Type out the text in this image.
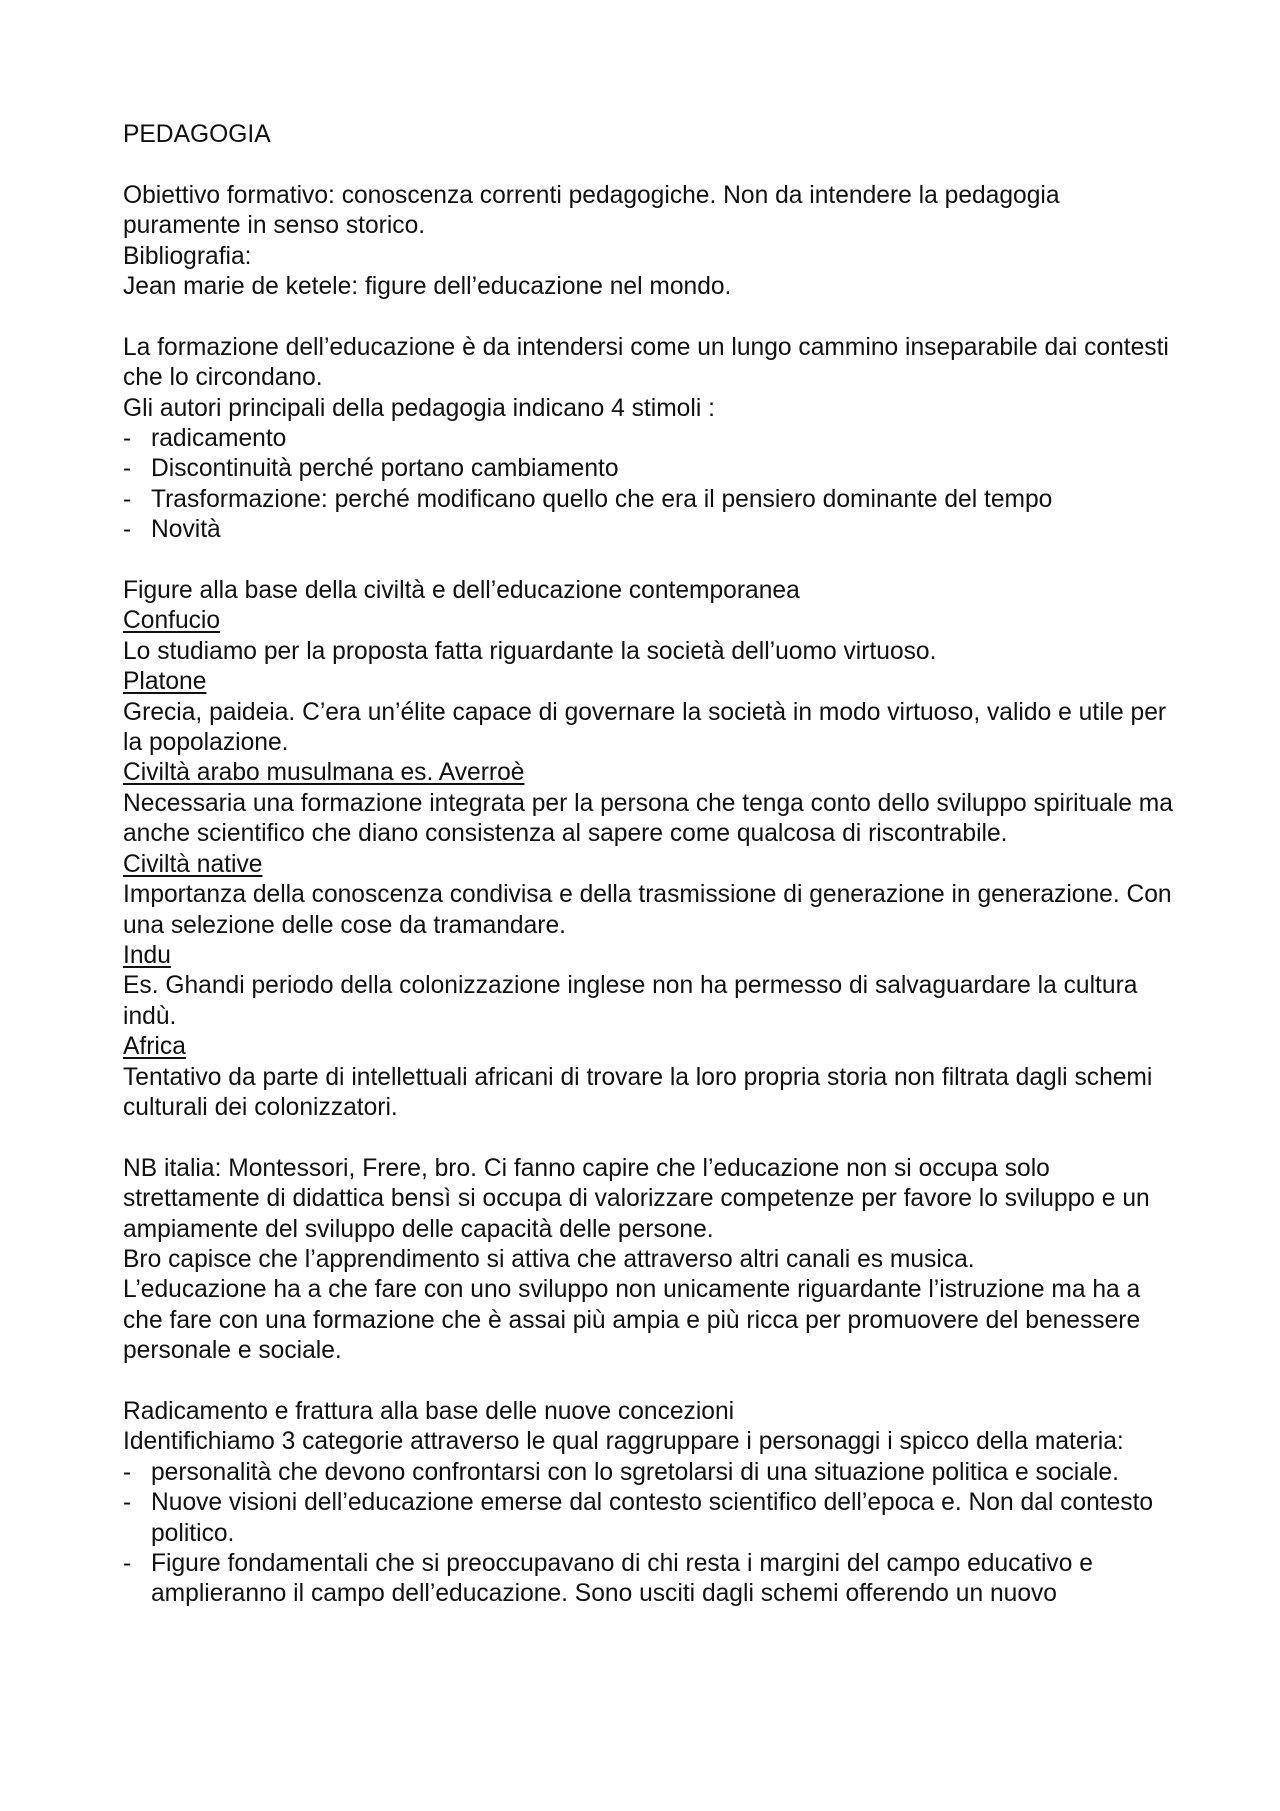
PEDAGOGIA

Obiettivo formativo: conoscenza correnti pedagogiche. Non da intendere la pedagogia puramente in senso storico.

Bibliografia:

Jean marie de ketele: figure dell’educazione nel mondo.

La formazione dell’educazione è da intendersi come un lungo cammino inseparabile dai contesti che lo circondano.

Gli autori principali della pedagogia indicano 4 stimoli :

- radicamento
- Discontinuità perché portano cambiamento
- Trasformazione: perché modificano quello che era il pensiero dominante del tempo
- Novità

Figure alla base della civiltà e dell’educazione contemporanea

Confucio

Lo studiamo per la proposta fatta riguardante la società dell’uomo virtuoso.

Platone

Grecia, paideia. C’era un’élite capace di governare la società in modo virtuoso, valido e utile per la popolazione.

Civiltà arabo musulmana es. Averroè

Necessaria una formazione integrata per la persona che tenga conto dello sviluppo spirituale ma anche scientifico che diano consistenza al sapere come qualcosa di riscontrabile.

Civiltà native

Importanza della conoscenza condivisa e della trasmissione di generazione in generazione. Con una selezione delle cose da tramandare.

Indu

Es. Ghandi periodo della colonizzazione inglese non ha permesso di salvaguardare la cultura indù.

Africa

Tentativo da parte di intellettuali africani di trovare la loro propria storia non filtrata dagli schemi culturali dei colonizzatori.

NB italia: Montessori, Frere, bro. Ci fanno capire che l’educazione non si occupa solo strettamente di didattica bensì si occupa di valorizzare competenze per favore lo sviluppo e un ampiamente del sviluppo delle capacità delle persone.

Bro capisce che l’apprendimento si attiva che attraverso altri canali es musica.

L’educazione ha a che fare con uno sviluppo non unicamente riguardante l’istruzione ma ha a che fare con una formazione che è assai più ampia e più ricca per promuovere del benessere personale e sociale.

Radicamento e frattura alla base delle nuove concezioni

Identifichiamo 3 categorie attraverso le qual raggruppare i personaggi i spicco della materia:

- personalità che devono confrontarsi con lo sgretolarsi di una situazione politica e sociale.
- Nuove visioni dell’educazione emerse dal contesto scientifico dell’epoca e. Non dal contesto politico.
- Figure fondamentali che si preoccupavano di chi resta i margini del campo educativo e amplieranno il campo dell’educazione. Sono usciti dagli schemi offerendo un nuovo
